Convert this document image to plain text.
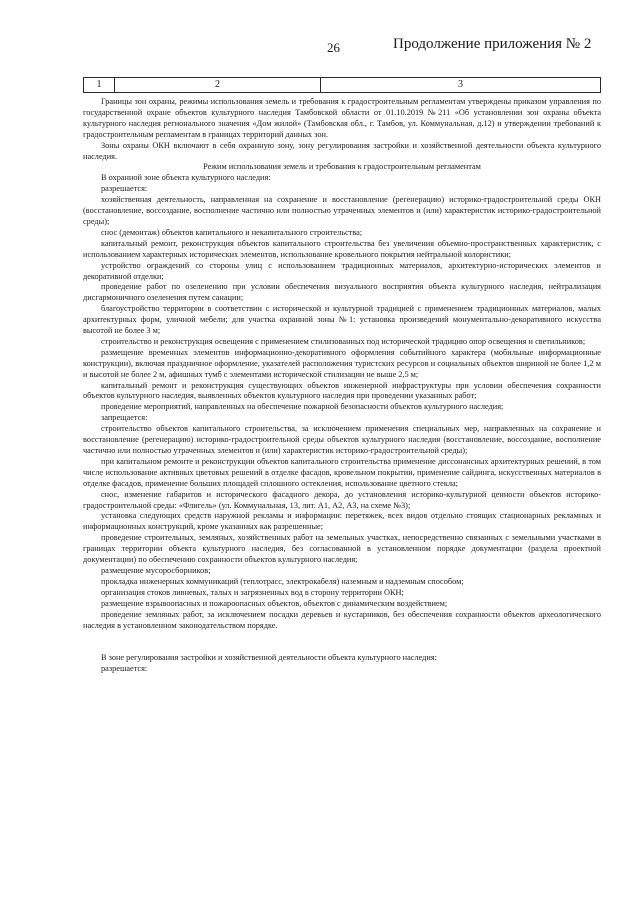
26	Продолжение приложения № 2
1	2	3

Границы зон охраны, режимы использования земель и требования к градостроительным регламентам утверждены приказом управления по государственной охране объектов культурного наследия Тамбовской области от 01.10.2019 №211 «Об установлении зон охраны объекта культурного наследия регионального значения «Дом жилой» (Тамбовская обл., г. Тамбов, ул. Коммунальная, д.12) и утверждении требований к градостроительным регламентам в границах территорий данных зон.

Зоны охраны ОКН включают в себя охранную зону, зону регулирования застройки и хозяйственной деятельности объекта культурного наследия.

Режим использования земель и требования к градостроительным регламентам

В охранной зоне объекта культурного наследия:

разрешается:

хозяйственная деятельность, направленная на сохранение и восстановление (регенерацию) историко-градостроительной среды ОКН (восстановление, воссоздание, восполнение частично или полностью утраченных элементов и (или) характеристик историко-градостроительной среды);

снос (демонтаж) объектов капитального и некапитального строительства;

капитальный ремонт, реконструкция объектов капитального строительства без увеличения объемно-пространственных характеристик, с использованием характерных исторических элементов, использование кровельного покрытия нейтральной колористики;

устройство ограждений со стороны улиц с использованием традиционных материалов, архитектурно-исторических элементов и декоративной отделки;

проведение работ по озеленению при условии обеспечения визуального восприятия объекта культурного наследия, нейтрализация дисгармоничного озеленения путем санации;

благоустройство территории в соответствии с исторической и культурной традицией с применением традиционных материалов, малых архитектурных форм, уличной мебели; для участка охранной зоны №1: установка произведений монументально-декоративного искусства высотой не более 3 м;

строительство и реконструкция освещения с применением стилизованных под исторической традицию опор освещения и светильников;

размещение временных элементов информационно-декоративного оформления событийного характера (мобильные информационные конструкции), включая праздничное оформление, указателей расположения туристских ресурсов и социальных объектов шириной не более 1,2 м и высотой не более 2 м, афишных тумб с элементами исторической стилизации не выше 2,5 м;

капитальный ремонт и реконструкция существующих объектов инженерной инфраструктуры при условии обеспечения сохранности объектов культурного наследия, выявленных объектов культурного наследия при проведении указанных работ;

проведение мероприятий, направленных на обеспечение пожарной безопасности объектов культурного наследия;

запрещается:

строительство объектов капитального строительства, за исключением применения специальных мер, направленных на сохранение и восстановление (регенерацию) историко-градостроительной среды объектов культурного наследия (восстановление, воссоздание, восполнение частично или полностью утраченных элементов и (или) характеристик историко-градостроительной среды);

при капитальном ремонте и реконструкции объектов капитального строительства применение диссонансных архитектурных решений, в том числе использование активных цветовых решений в отделке фасадов, кровельном покрытии, применение сайдинга, искусственных материалов в отделке фасадов, применение больших площадей сплошного остекления, использование цветного стекла;

снос, изменение габаритов и исторического фасадного декора, до установления историко-культурной ценности объектов историко-градостроительной среды: «Флигель» (ул. Коммунальная, 13, лит. А1, А2, А3, на схеме №3);

установка следующих средств наружной рекламы и информации: перетяжек, всех видов отдельно стоящих стационарных рекламных и информационных конструкций, кроме указанных как разрешенные;

проведение строительных, земляных, хозяйственных работ на земельных участках, непосредственно связанных с земельными участками в границах территории объекта культурного наследия, без согласованной в установленном порядке документации (раздела проектной документации) по обеспечению сохранности объектов культурного наследия;

размещение мусоросборников;

прокладка инженерных коммуникаций (теплотрасс, электрокабеля) наземным и надземным способом;

организация стоков ливневых, талых и загрязненных вод в сторону территории ОКН;

размещение взрывоопасных и пожароопасных объектов, объектов с динамическим воздействием;

проведение земляных работ, за исключением посадки деревьев и кустарников, без обеспечения сохранности объектов археологического наследия в установленном законодательством порядке.

В зоне регулирования застройки и хозяйственной деятельности объекта культурного наследия:

разрешается:
